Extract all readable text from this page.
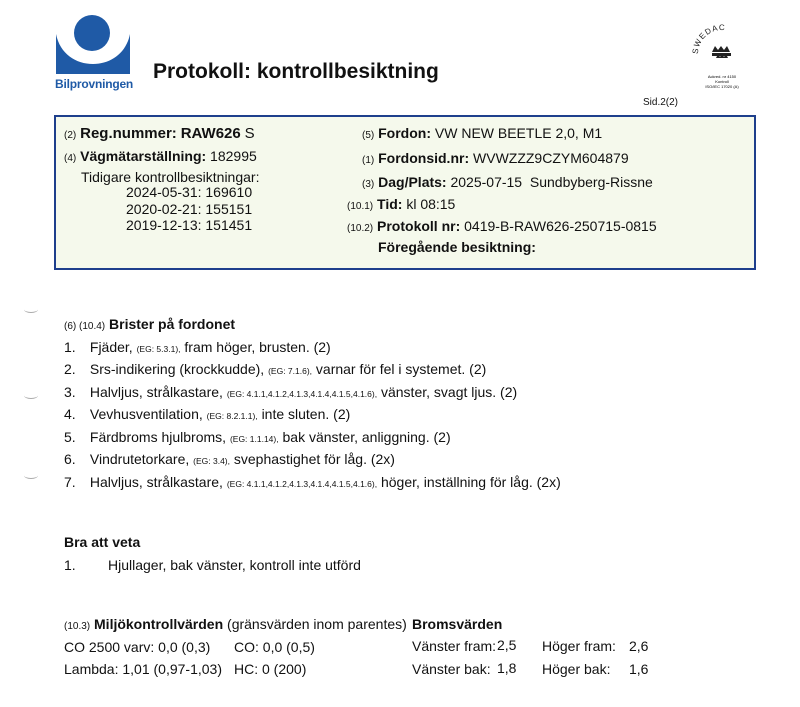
Bilprovningen
Protokoll: kontrollbesiktning
SWEDAC
Ackred. nr 4150
Kontroll
ISO/IEC 17020 (A)
Sid.2(2)
(2) Reg.nummer: RAW626 S
(4) Vägmätarställning: 182995
Tidigare kontrollbesiktningar:
2024-05-31: 169610
2020-02-21: 155151
2019-12-13: 151451
(5) Fordon: VW NEW BEETLE 2,0, M1
(1) Fordonsid.nr: WVWZZZ9CZYM604879
(3) Dag/Plats: 2025-07-15  Sundbyberg-Rissne
(10.1) Tid: kl 08:15
(10.2) Protokoll nr: 0419-B-RAW626-250715-0815
Föregående besiktning:
(6) (10.4) Brister på fordonet
1. Fjäder, (EG: 5.3.1), fram höger, brusten. (2)
2. Srs-indikering (krockkudde), (EG: 7.1.6), varnar för fel i systemet. (2)
3. Halvljus, strålkastare, (EG: 4.1.1,4.1.2,4.1.3,4.1.4,4.1.5,4.1.6), vänster, svagt ljus. (2)
4. Vevhusventilation, (EG: 8.2.1.1), inte sluten. (2)
5. Färdbroms hjulbroms, (EG: 1.1.14), bak vänster, anliggning. (2)
6. Vindrutetorkare, (EG: 3.4), svephastighet för låg. (2x)
7. Halvljus, strålkastare, (EG: 4.1.1,4.1.2,4.1.3,4.1.4,4.1.5,4.1.6), höger, inställning för låg. (2x)
Bra att veta
1. Hjullager, bak vänster, kontroll inte utförd
(10.3) Miljökontrollvärden (gränsvärden inom parentes)
CO 2500 varv: 0,0 (0,3) CO: 0,0 (0,5)
Lambda: 1,01 (0,97-1,03) HC: 0 (200)
Bromsvärden
Vänster fram: 2,5 Höger fram: 2,6
Vänster bak: 1,8 Höger bak: 1,6
